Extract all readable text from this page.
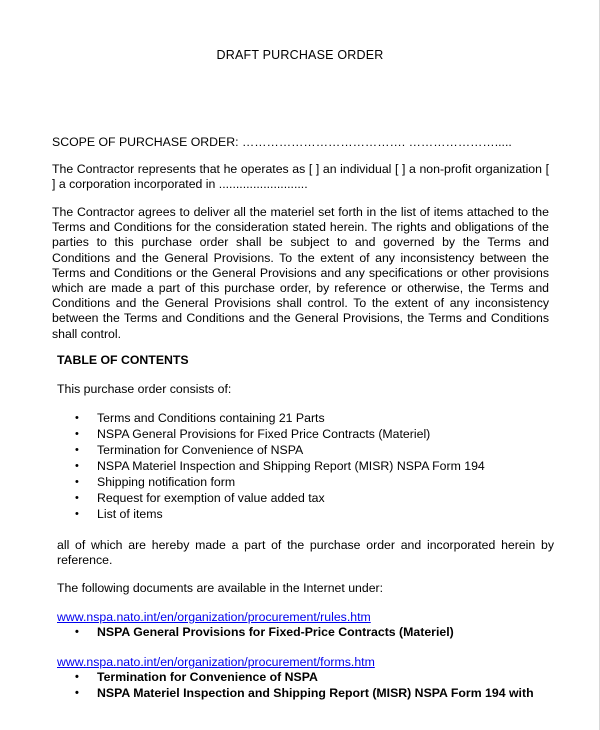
DRAFT PURCHASE ORDER
SCOPE OF PURCHASE ORDER: …………………………………. ………………….....
The Contractor represents that he operates as [ ] an individual [ ] a non-profit organization [ ] a corporation incorporated in ..........................
The Contractor agrees to deliver all the materiel set forth in the list of items attached to the Terms and Conditions for the consideration stated herein. The rights and obligations of the parties to this purchase order shall be subject to and governed by the Terms and Conditions and the General Provisions. To the extent of any inconsistency between the Terms and Conditions or the General Provisions and any specifications or other provisions which are made a part of this purchase order, by reference or otherwise, the Terms and Conditions and the General Provisions shall control. To the extent of any inconsistency between the Terms and Conditions and the General Provisions, the Terms and Conditions shall control.
TABLE OF CONTENTS
This purchase order consists of:
• Terms and Conditions containing 21 Parts
• NSPA General Provisions for Fixed Price Contracts (Materiel)
• Termination for Convenience of NSPA
• NSPA Materiel Inspection and Shipping Report (MISR) NSPA Form 194
• Shipping notification form
• Request for exemption of value added tax
• List of items
all of which are hereby made a part of the purchase order and incorporated herein by reference.
The following documents are available in the Internet under:
www.nspa.nato.int/en/organization/procurement/rules.htm
• NSPA General Provisions for Fixed-Price Contracts (Materiel)
www.nspa.nato.int/en/organization/procurement/forms.htm
• Termination for Convenience of NSPA
• NSPA Materiel Inspection and Shipping Report (MISR) NSPA Form 194 with
